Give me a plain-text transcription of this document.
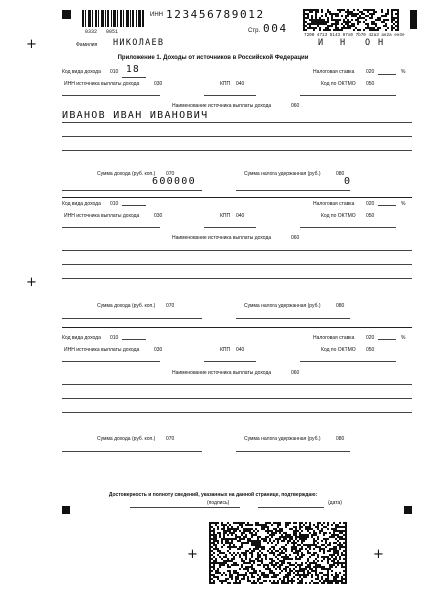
+
+
+	+
0332 0051
ИНН 123456789012
Стр. 004
7200 4713 5143 97x0 7b70 42a3 ae2a ee3e
Фамилия НИКОЛАЕВ	И Н О Н
Приложение 1. Доходы от источников в Российской Федерации
Код вида дохода 010 18	Налоговая ставка 020	%
ИНН источника выплаты дохода	030	КПП 040	Код по ОКТМО 050
Наименование источника выплаты дохода	060
ИВАНОВ ИВАН ИВАНОВИЧ
Сумма дохода (руб. коп.) 070
600000
Сумма налога удержанная (руб.)	080
0
Код вида дохода 010	Налоговая ставка 020	%
ИНН источника выплаты дохода	030	КПП 040	Код по ОКТМО 050
Наименование источника выплаты дохода	060
Сумма дохода (руб. коп.) 070	Сумма налога удержанная (руб.)	080
Код вида дохода 010	Налоговая ставка 020	%
ИНН источника выплаты дохода	030	КПП 040	Код по ОКТМО 050
Наименование источника выплаты дохода	060
Сумма дохода (руб. коп.) 070	Сумма налога удержанная (руб.)	080
Достоверность и полноту сведений, указанных на данной странице, подтверждаю:
(подпись)	(дата)
